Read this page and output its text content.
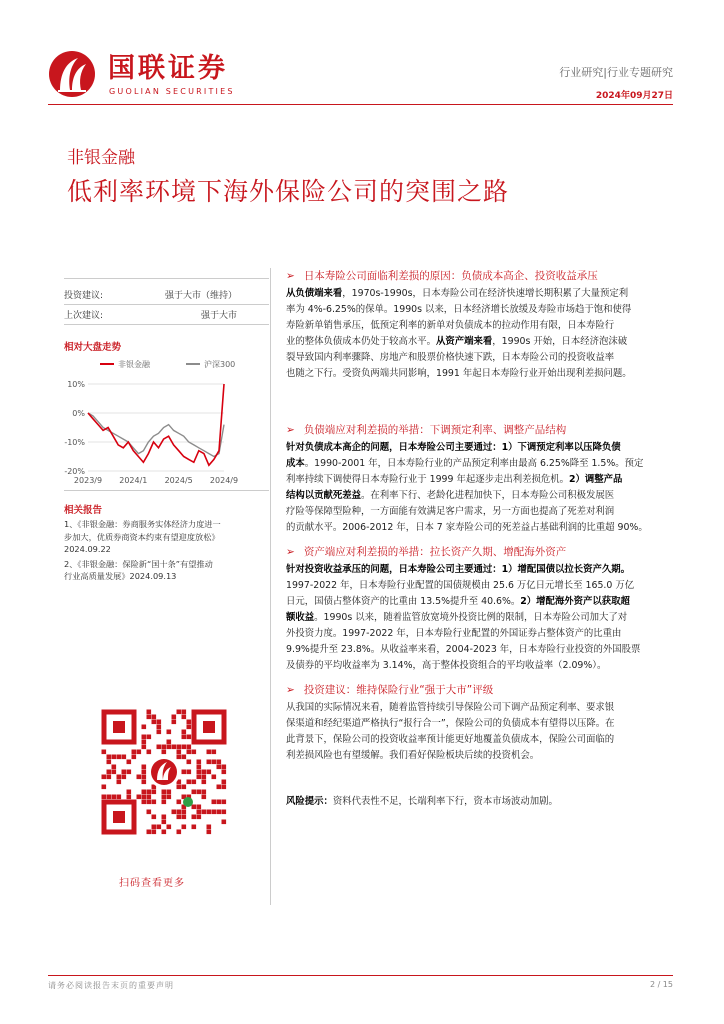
国联证券
GUOLIAN SECURITIES
行业研究|行业专题研究
2024年09月27日
非银金融
低利率环境下海外保险公司的突围之路
投资建议:	强于大市（维持）
上次建议:	强于大市
相对大盘走势
非银金融	沪深300
10%
0%
-10%
-20%
2023/9 2024/1 2024/5 2024/9
相关报告
1、《非银金融：券商服务实体经济力度进一
步加大，优质券商资本约束有望迎度放松》
2024.09.22
2、《非银金融：保险新“国十条”有望推动
行业高质量发展》2024.09.13
扫码查看更多
➢ 日本寿险公司面临利差损的原因：负债成本高企、投资收益承压
从负债端来看，1970s-1990s，日本寿险公司在经济快速增长期积累了大量预定利
率为 4%-6.25%的保单。1990s 以来，日本经济增长放缓及寿险市场趋于饱和使得
寿险新单销售承压，低预定利率的新单对负债成本的拉动作用有限，日本寿险行
业的整体负债成本仍处于较高水平。从资产端来看，1990s 开始，日本经济泡沫破
裂导致国内利率骤降、房地产和股票价格快速下跌，日本寿险公司的投资收益率
也随之下行。受资负两端共同影响，1991 年起日本寿险行业开始出现利差损问题。
➢ 负债端应对利差损的举措：下调预定利率、调整产品结构
针对负债成本高企的问题，日本寿险公司主要通过：1）下调预定利率以压降负债
成本。1990-2001 年，日本寿险行业的产品预定利率由最高 6.25%降至 1.5%。预定
利率持续下调使得日本寿险行业于 1999 年起逐步走出利差损危机。2）调整产品
结构以贡献死差益。在利率下行、老龄化进程加快下，日本寿险公司积极发展医
疗险等保障型险种，一方面能有效满足客户需求，另一方面也提高了死差对利润
的贡献水平。2006-2012 年，日本 7 家寿险公司的死差益占基础利润的比重超 90%。
➢ 资产端应对利差损的举措：拉长资产久期、增配海外资产
针对投资收益承压的问题，日本寿险公司主要通过：1）增配国债以拉长资产久期。
1997-2022 年，日本寿险行业配置的国债规模由 25.6 万亿日元增长至 165.0 万亿
日元，国债占整体资产的比重由 13.5%提升至 40.6%。2）增配海外资产以获取超
额收益。1990s 以来，随着监管放宽境外投资比例的限制，日本寿险公司加大了对
外投资力度。1997-2022 年，日本寿险行业配置的外国证券占整体资产的比重由
9.9%提升至 23.8%。从收益率来看，2004-2023 年，日本寿险行业投资的外国股票
及债券的平均收益率为 3.14%，高于整体投资组合的平均收益率（2.09%）。
➢ 投资建议：维持保险行业“强于大市”评级
从我国的实际情况来看，随着监管持续引导保险公司下调产品预定利率、要求银
保渠道和经纪渠道严格执行“报行合一”，保险公司的负债成本有望得以压降。在
此背景下，保险公司的投资收益率预计能更好地覆盖负债成本，保险公司面临的
利差损风险也有望缓解。我们看好保险板块后续的投资机会。
风险提示：资料代表性不足，长端利率下行，资本市场波动加剧。
请务必阅读报告末页的重要声明	2 / 15
